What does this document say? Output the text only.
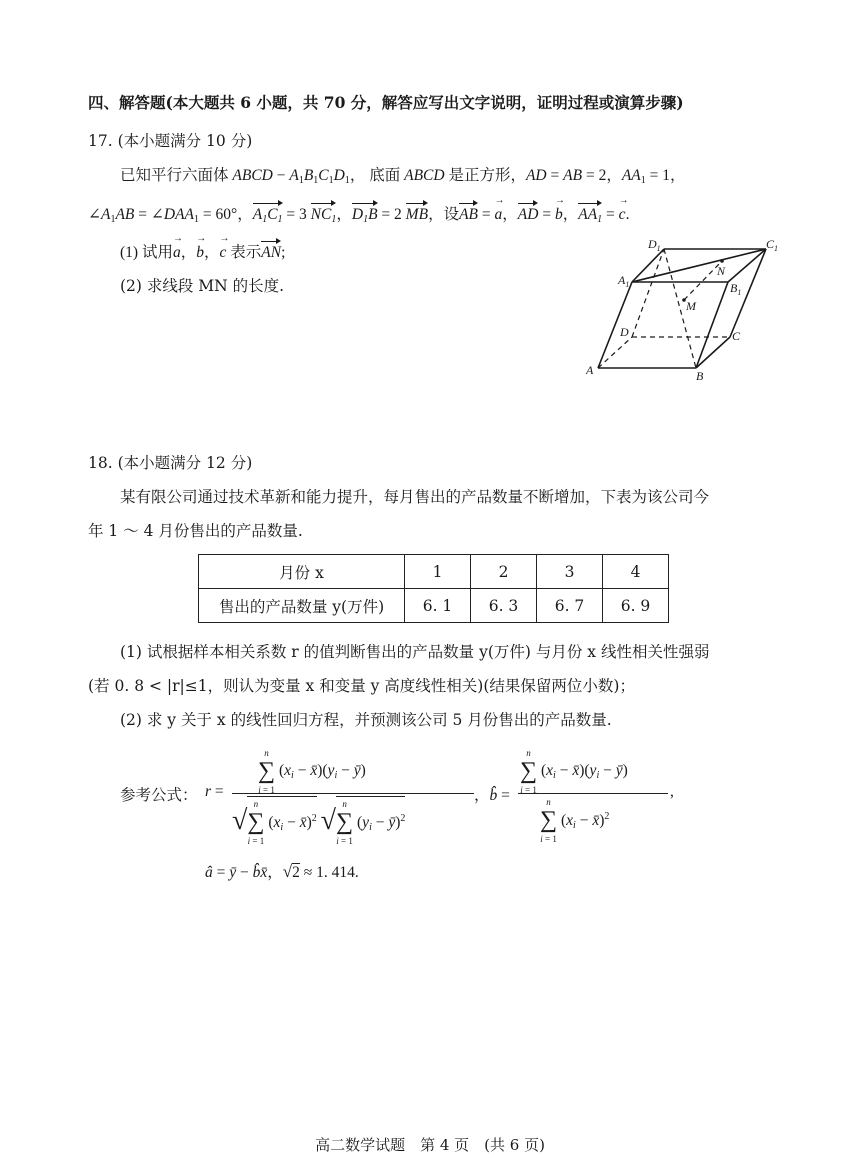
四、解答题(本大题共 6 小题，共 70 分，解答应写出文字说明，证明过程或演算步骤)
17. (本小题满分 10 分)
已知平行六面体 ABCD − $A_1B_1C_1D_1$， 底面 ABCD 是正方形，AD = AB = 2，$AA_1 = 1$，
$\angle A_1AB$ = $\angle DAA_1 = 60^\circ$，$A_1C_1 = 3$ $NC_1$，$D_1B = 2$ MB，设AB = → a，AD = → b，$AA_1$ = → c.
(1) 试用→ a，→ b，→ c 表示AN;
(2) 求线段 MN 的长度.
$D_1$	$C_1$
$A_1$	$B_1$
N
M
D	C
A	B
18. (本小题满分 12 分)
某有限公司通过技术革新和能力提升，每月售出的产品数量不断增加，下表为该公司今
年 1 ～ 4 月份售出的产品数量.
月份 x	1	2	3	4
售出的产品数量 y(万件)	6. 1	6. 3	6. 7	6. 9
(1) 试根据样本相关系数 r 的值判断售出的产品数量 y(万件) 与月份 x 线性相关性强弱
(若 0. 8 < |r|≤1，则认为变量 x 和变量 y 高度线性相关)(结果保留两位小数)；
(2) 求 y 关于 x 的线性回归方程，并预测该公司 5 月份售出的产品数量.
参考公式： r =
n
∑
i = 1
($x_i$ − $x̄)(y_i$ − ȳ)
√
n
∑
i = 1
($x_i$ − x̄)$^2$ √
n
∑
i = 1
($y_i$ − ȳ)$^2$
，b̂ =
n
∑
i = 1
($x_i$ − $x̄)(y_i$ − ȳ)
n
∑
i = 1
($x_i$ − x̄)$^2$
,
â = ȳ − b̂x̄，√2 ≈ 1. 414.
高二数学试题　第 4 页　(共 6 页)
